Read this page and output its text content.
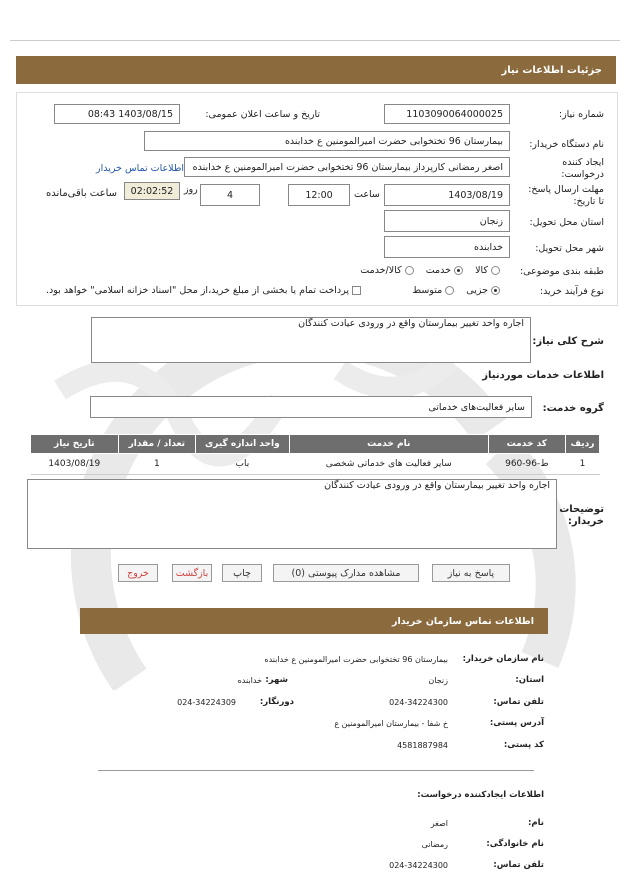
جزئیات اطلاعات نیاز
شماره نیاز:
1103090064000025
تاریخ و ساعت اعلان عمومی:
1403/08/15 08:43
نام دستگاه خریدار:
بیمارستان 96 تختخوابی حضرت امیرالمومنین ع خدابنده
ایجاد کننده
درخواست:
اصغر رمضانی کارپرداز بیمارستان 96 تختخوابی حضرت امیرالمومنین ع خدابنده
اطلاعات تماس خریدار
مهلت ارسال پاسخ:
تا تاریخ:
1403/08/19
ساعت
12:00
4
روز
02:02:52
ساعت باقی‌مانده
استان محل تحویل:
زنجان
شهر محل تحویل:
خدابنده
طبقه بندی موضوعی:
کالا     خدمت     کالا/خدمت
نوع فرآیند خرید:
جزیی     متوسط
پرداخت تمام یا بخشی از مبلغ خرید،از محل "اسناد خزانه اسلامی" خواهد بود.
شرح کلی نیاز:
اجاره واحد تغییر بیمارستان واقع در ورودی عیادت کنندگان
اطلاعات خدمات موردنیاز
گروه خدمت:
سایر فعالیت‌های خدماتی
ردیف	کد خدمت	نام خدمت	واحد اندازه گیری	تعداد / مقدار	تاریخ نیاز
1	ط-96-960	سایر فعالیت های خدماتی شخصی	باب	1	1403/08/19
توضیحات
خریدار:
اجاره واحد تغییر بیمارستان واقع در ورودی عیادت کنندگان
پاسخ به نیاز
مشاهده مدارک پیوستی (0)
چاپ
بازگشت
خروج
اطلاعات تماس سازمان خریدار
نام سازمان خریدار:
بیمارستان 96 تختخوابی حضرت امیرالمومنین ع خدابنده
استان:
زنجان
شهر:
خدابنده
تلفن تماس:
024-34224300
دورنگار:
024-34224309
آدرس پستی:
خ شفا - بیمارستان امیرالمومنین ع
کد پستی:
4581887984
اطلاعات ایجادکننده درخواست:
نام:
اصغر
نام خانوادگی:
رمضانی
تلفن تماس:
024-34224300
